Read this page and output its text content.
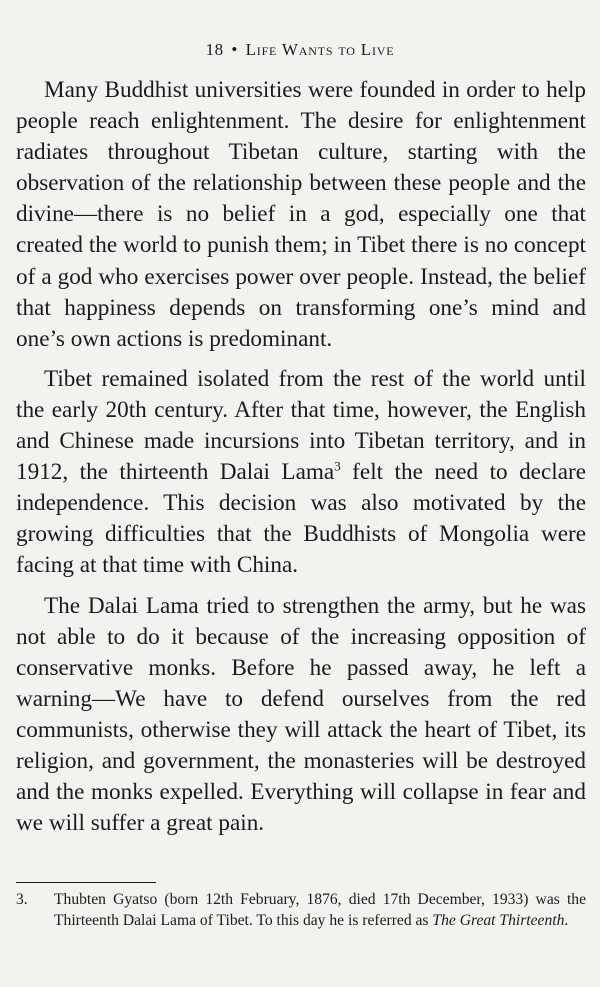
18 • Life Wants to Live

Many Buddhist universities were founded in order to help people reach enlightenment. The desire for enlightenment radiates throughout Tibetan culture, starting with the observation of the relationship between these people and the divine—there is no belief in a god, especially one that created the world to punish them; in Tibet there is no concept of a god who exercises power over people. Instead, the belief that happiness depends on transforming one’s mind and one’s own actions is predominant.

Tibet remained isolated from the rest of the world until the early 20th century. After that time, however, the English and Chinese made incursions into Tibetan territory, and in 1912, the thirteenth Dalai Lama$^3$ felt the need to declare independence. This decision was also motivated by the growing difficulties that the Buddhists of Mongolia were facing at that time with China.

The Dalai Lama tried to strengthen the army, but he was not able to do it because of the increasing opposition of conservative monks. Before he passed away, he left a warning—We have to defend ourselves from the red communists, otherwise they will attack the heart of Tibet, its religion, and government, the monasteries will be destroyed and the monks expelled. Everything will collapse in fear and we will suffer a great pain.

3.	Thubten Gyatso (born 12th February, 1876, died 17th December, 1933) was the Thirteenth Dalai Lama of Tibet. To this day he is referred as The Great Thirteenth.
